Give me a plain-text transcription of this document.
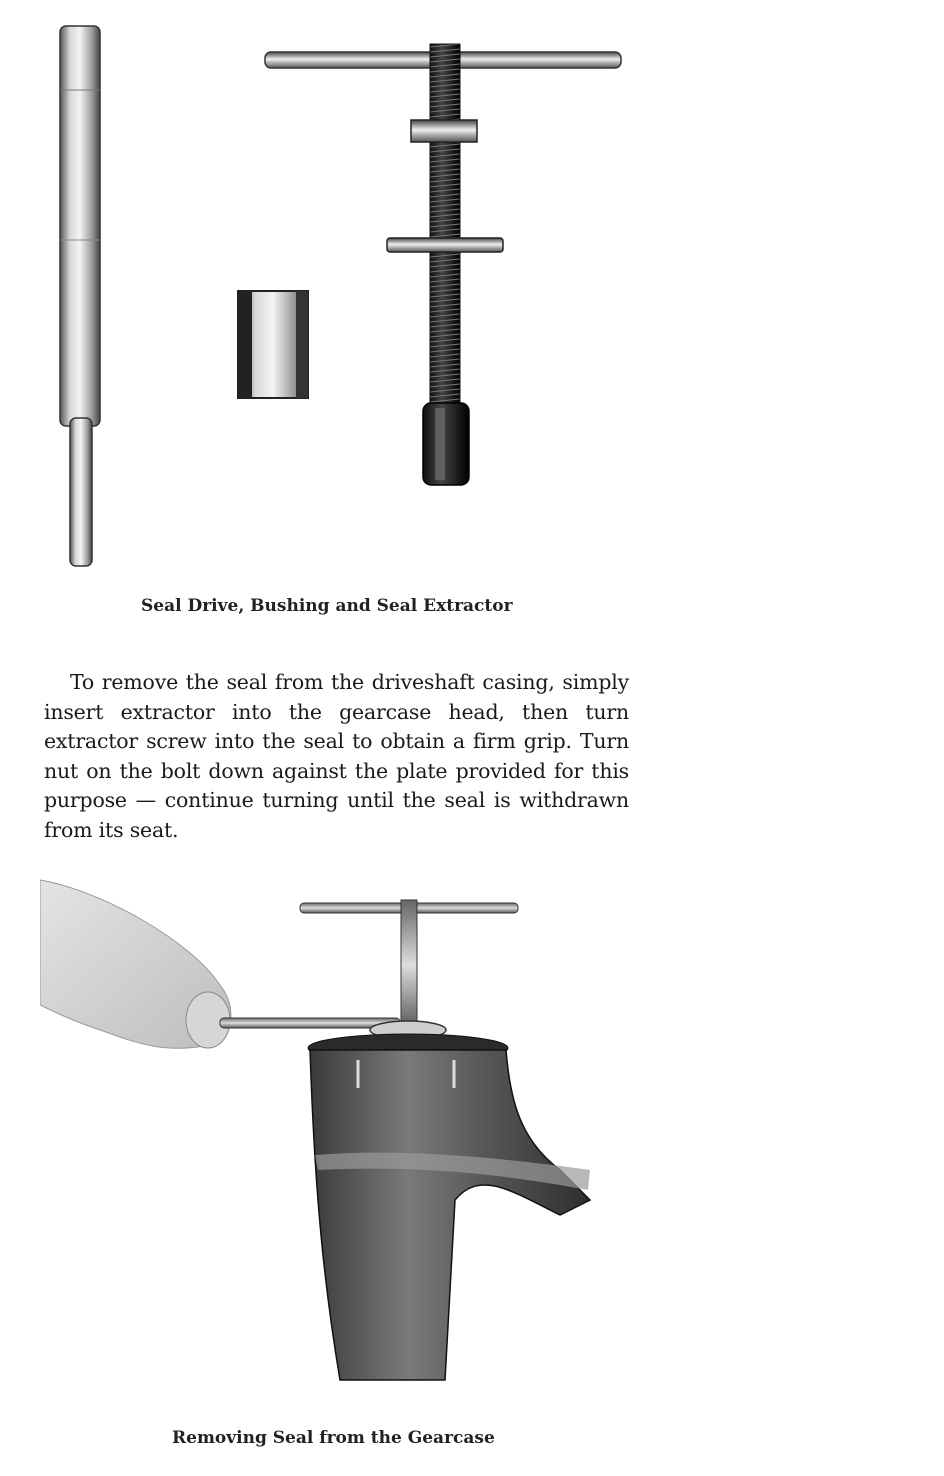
Seal Drive, Bushing and Seal Extractor

To remove the seal from the driveshaft casing, simply insert extractor into the gearcase head, then turn extractor screw into the seal to obtain a firm grip. Turn nut on the bolt down against the plate provided for this purpose — continue turning until the seal is withdrawn from its seat.

Removing Seal from the Gearcase
